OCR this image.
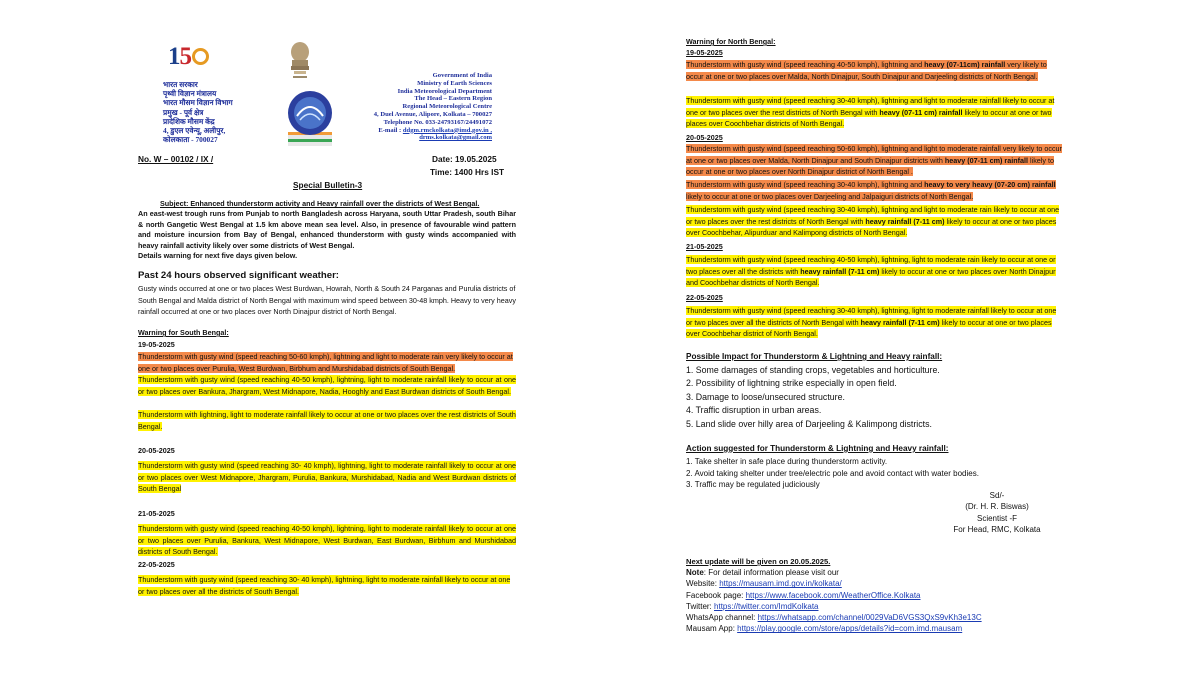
15
भारत सरकार
पृथ्वी विज्ञान मंत्रालय
भारत मौसम विज्ञान विभाग
प्रमुख - पूर्व क्षेत्र
प्रादेशिक मौसम केंद्र
4, डुएल एवेन्यू, अलीपुर,
कोलकाता - 700027
Government of India
Ministry of Earth Sciences
India Meteorological Department
The Head – Eastern Region
Regional Meteorological Centre
4, Duel Avenue, Alipore, Kolkata – 700027
Telephone No. 033-24793167/24491072
E-mail : ddgm.rmckolkata@imd.gov.in ,
drms.kolkata@gmail.com
No. W – 00102 / IX /	Date: 19.05.2025
Time: 1400 Hrs IST
Special Bulletin-3
Subject: Enhanced thunderstorm activity and Heavy rainfall over the districts of West Bengal.
An east-west trough runs from Punjab to north Bangladesh across Haryana, south Uttar Pradesh, south Bihar & north Gangetic West Bengal at 1.5 km above mean sea level. Also, in presence of favourable wind pattern and moisture incursion from Bay of Bengal, enhanced thunderstorm with gusty winds accompanied with heavy rainfall activity likely over some districts of West Bengal.
Details warning for next five days given below.
Past 24 hours observed significant weather:
Gusty winds occurred at one or two places West Burdwan, Howrah, North & South 24 Parganas and Purulia districts of South Bengal and Malda district of North Bengal with maximum wind speed between 30-48 kmph. Heavy to very heavy rainfall occurred at one or two places over North Dinajpur district of North Bengal.
Warning for South Bengal:
19-05-2025
Thunderstorm with gusty wind (speed reaching 50-60 kmph), lightning and light to moderate rain very likely to occur at one or two places over Purulia, West Burdwan, Birbhum and Murshidabad districts of South Bengal.
Thunderstorm with gusty wind (speed reaching 40-50 kmph), lightning, light to moderate rainfall likely to occur at one or two places over Bankura, Jhargram, West Midnapore, Nadia, Hooghly and East Burdwan districts of South Bengal.
Thunderstorm with lightning, light to moderate rainfall likely to occur at one or two places over the rest districts of South Bengal.
20-05-2025
Thunderstorm with gusty wind (speed reaching 30- 40 kmph), lightning, light to moderate rainfall likely to occur at one or two places over West Midnapore, Jhargram, Purulia, Bankura, Murshidabad, Nadia and West Burdwan districts of South Bengal
21-05-2025
Thunderstorm with gusty wind (speed reaching 40-50 kmph), lightning, light to moderate rainfall likely to occur at one or two places over Purulia, Bankura, West Midnapore, West Burdwan, East Burdwan, Birbhum and Murshidabad districts of South Bengal.
22-05-2025
Thunderstorm with gusty wind (speed reaching 30- 40 kmph), lightning, light to moderate rainfall likely to occur at one or two places over all the districts of South Bengal.
Warning for North Bengal:
19-05-2025
Thunderstorm with gusty wind (speed reaching 40-50 kmph), lightning and heavy (07-11cm) rainfall very likely to occur at one or two places over Malda, North Dinajpur, South Dinajpur and Darjeeling districts of North Bengal.
Thunderstorm with gusty wind (speed reaching 30-40 kmph), lightning and light to moderate rainfall likely to occur at one or two places over the rest districts of North Bengal with heavy (07-11 cm) rainfall likely to occur at one or two places over Coochbehar districts of North Bengal.
20-05-2025
Thunderstorm with gusty wind (speed reaching 50-60 kmph), lightning and light to moderate rainfall very likely to occur at one or two places over Malda, North Dinajpur and South Dinajpur districts with heavy (07-11 cm) rainfall likely to occur at one or two places over North Dinajpur district of North Bengal .
Thunderstorm with gusty wind (speed reaching 30-40 kmph), lightning and heavy to very heavy (07-20 cm) rainfall likely to occur at one or two places over Darjeeling and Jalpaiguri districts of North Bengal.
Thunderstorm with gusty wind (speed reaching 30-40 kmph), lightning and light to moderate rain likely to occur at one or two places over the rest districts of North Bengal with heavy rainfall (7-11 cm) likely to occur at one or two places over Coochbehar, Alipurduar and Kalimpong districts of North Bengal.
21-05-2025
Thunderstorm with gusty wind (speed reaching 40-50 kmph), lightning, light to moderate rain likely to occur at one or two places over all the districts with heavy rainfall (7-11 cm) likely to occur at one or two places over North Dinajpur and Coochbehar districts of North Bengal.
22-05-2025
Thunderstorm with gusty wind (speed reaching 30-40 kmph), lightning, light to moderate rainfall likely to occur at one or two places over all the districts of North Bengal with heavy rainfall (7-11 cm) likely to occur at one or two places over Coochbehar district of North Bengal.
Possible Impact for Thunderstorm & Lightning and Heavy rainfall:
1. Some damages of standing crops, vegetables and horticulture.
2. Possibility of lightning strike especially in open field.
3. Damage to loose/unsecured structure.
4. Traffic disruption in urban areas.
5. Land slide over hilly area of Darjeeling & Kalimpong districts.
Action suggested for Thunderstorm & Lightning and Heavy rainfall:
1. Take shelter in safe place during thunderstorm activity.
2. Avoid taking shelter under tree/electric pole and avoid contact with water bodies.
3. Traffic may be regulated judiciously
Sd/-
(Dr. H. R. Biswas)
Scientist -F
For Head, RMC, Kolkata
Next update will be given on 20.05.2025.
Note: For detail information please visit our
Website: https://mausam.imd.gov.in/kolkata/
Facebook page: https://www.facebook.com/WeatherOffice.Kolkata
Twitter: https://twitter.com/ImdKolkata
WhatsApp channel: https://whatsapp.com/channel/0029VaD6VGS3QxS9vKh3e13C
Mausam App: https://play.google.com/store/apps/details?id=com.imd.mausam
